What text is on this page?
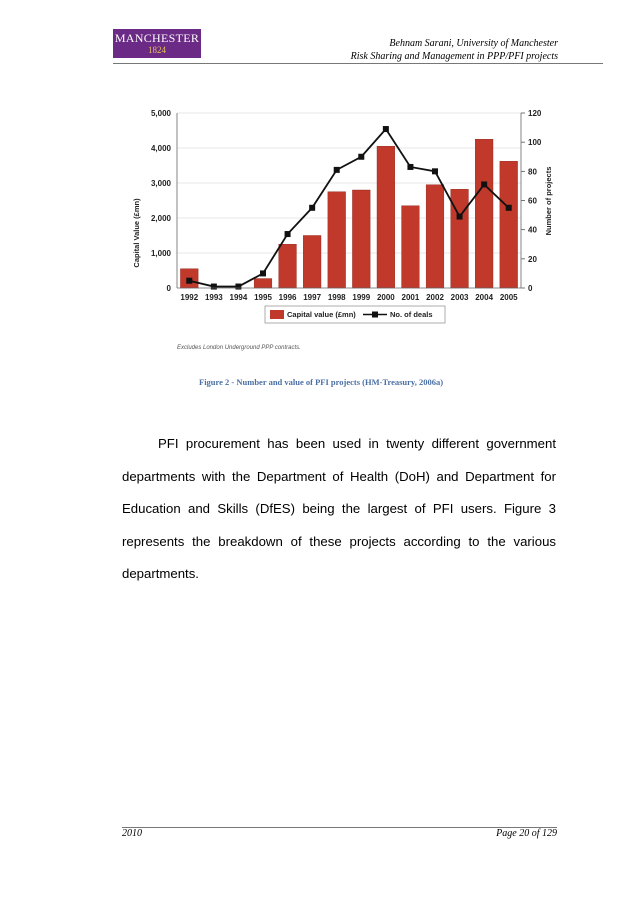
MANCHESTER
1824
Behnam Sarani, University of Manchester
Risk Sharing and Management in PPP/PFI projects
0
1,000
2,000
3,000
4,000
5,000
0
20
40
60
80
100
120
1992 1993 1994 1995 1996 1997 1998 1999 2000 2001 2002 2003 2004 2005
Capital Value (£mn)	Number of projects
Capital value (£mn)	No. of deals
Excludes London Underground PPP contracts.
Figure 2 - Number and value of PFI projects (HM-Treasury, 2006a)

PFI procurement has been used in twenty different government departments with the Department of Health (DoH) and Department for Education and Skills (DfES) being the largest of PFI users. Figure 3 represents the breakdown of these projects according to the various departments.

2010	Page 20 of 129
